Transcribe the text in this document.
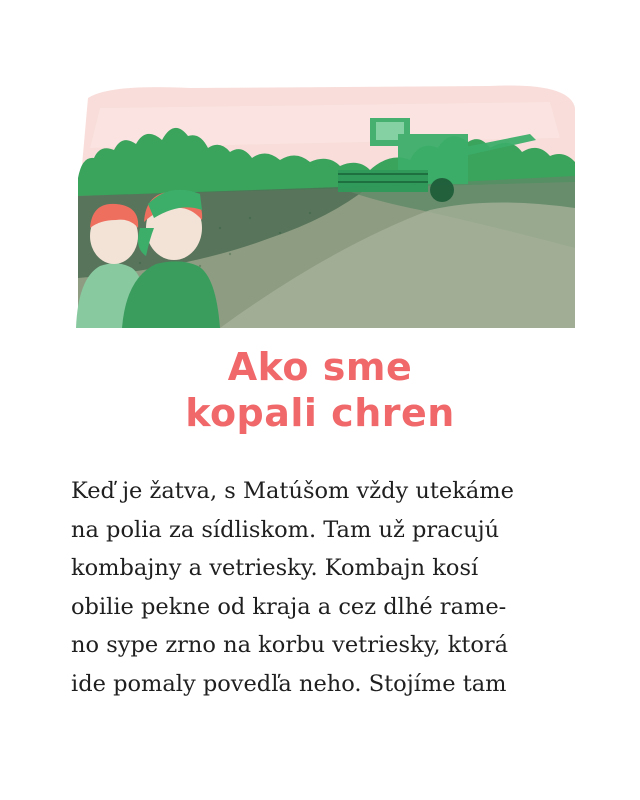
Ako sme
kopali chren
Keď je žatva, s Matúšom vždy utekáme
na polia za sídliskom. Tam už pracujú
kombajny a vetriesky. Kombajn kosí
obilie pekne od kraja a cez dlhé rame-
no sype zrno na korbu vetriesky, ktorá
ide pomaly povedľa neho. Stojíme tam
